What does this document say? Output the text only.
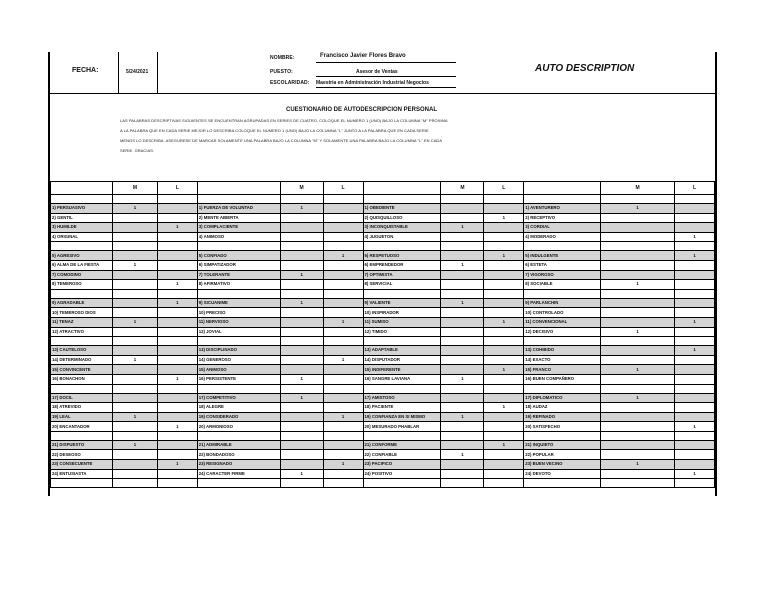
FECHA:	5/24/2021
NOMBRE:	Francisco Javier Flores Bravo
PUESTO:	Asesor de Ventas
ESCOLARIDAD: Maestria en Administración Industrial Negocios
AUTO DESCRIPTION
CUESTIONARIO DE AUTODESCRIPCION PERSONAL
LAS PALABRAS DESCRIPTIVAS SIGUIENTES SE ENCUENTRAN AGRUPADAS EN SERIES DE CUATRO, COLOQUE EL NUMERO 1 (UNO) BAJO LA COLUMNA "M" PROXIMA
A LA PALABRA QUE EN CADA SERIE MEJOR LO DESCRIBA COLOQUE EL NUMERO 1 (UNO) BAJO LA COLUMNA "L" JUNTO A LA PALABRA QUE EN CADA SERIE
MENOS LO DESCRIBA. ASEGURESE DE MARCAR SOLAMENTE UNA PALABRA BAJO LA COLUMNA "M" Y SOLAMENTE UNA PALABRA BAJO LA COLUMNA "L" EN CADA
SERIE. GRACIAS.
	M	L		M	L		M	L		M	L

1) PERSUASIVO	1		1) FUERZA DE VOLUNTAD	1		1) OBEDIENTE			1) AVENTURERO	1	
2) GENTIL			2) MENTE ABIERTA			2) QUISQUILLOSO		1	2) RECEPTIVO		
3) HUMILDE		1	3) COMPLACIENTE			3) INCONQUISTABLE	1		3) CORDIAL		
4) ORIGINAL			4) ANIMOSO			4) JUGUETON			4) MODERADO		1

5) AGRESIVO			5) CONFIADO		1	5) RESPETUOSO		1	5) INDULGENTE		1
6) ALMA DE LA FIESTA	1		6) SIMPATIZADOR			6) EMPRENDEDOR	1		6) ESTETA		
7) COMODINO			7) TOLERANTE	1		7) OPTIMISTA			7) VIGOROSO		
8) TEMEROSO		1	8) AFIRMATIVO			8) SERVICIAL			8) SOCIABLE	1	

9) AGRADABLE		1	9) SICUANIME	1		9) VALIENTE	1		9) PARLANCHIN		
10) TEMEROSO DIOS			10) PRECISO			10) INSPIRADOR			10) CONTROLADO		
11) TENAZ	1		11) NERVIOSO		1	11) SUMISO		1	11) CONVENCIONAL		1
12) ATRACTIVO			12) JOVIAL			12) TIMIDO			12) DECISIVO	1	

13) CAUTELOSO			13) DISCIPLINADO			13) ADAPTABLE			13) COHIBIDO		1
14) DETERMINADO	1		14) GENEROSO		1	14) DISPUTADOR			14) EXACTO		
15) CONVINCENTE			15) ANIMOSO			15) INDIFERENTE		1	15) FRANCO	1	
16) BONACHON		1	16) PERSISTENTE	1		16) SANGRE LAVIANA	1		16) BUEN COMPAÑERO		

17) DOCIL			17) COMPETITIVO	1		17) AMISTOSO			17) DIPLOMATICO	1	
18) ATREVIDO			18) ALEGRE			18) PACIENTE		1	18) AUDAZ		
19) LEAL	1		19) CONSIDERADO		1	19) CONFIANZA EN SI MISMO	1		19) REFINADO		
20) ENCANTADOR		1	20) ARMONIOSO			20) MESURADO PHABLAR			20) SATISFECHO		1

21) DISPUESTO	1		21) ADMIRABLE			21) CONFORME		1	21) INQUIETO		
22) DESEOSO			22) BONDADOSO			22) CONFIABLE	1		22) POPULAR		
23) CONSECUENTE		1	23) RESIGNADO		1	23) PACIFICO			23) BUEN VECINO	1	
24) ENTUSIASTA			24) CARACTER FIRME	1		24) POSITIVO			24) DEVOTO		1
